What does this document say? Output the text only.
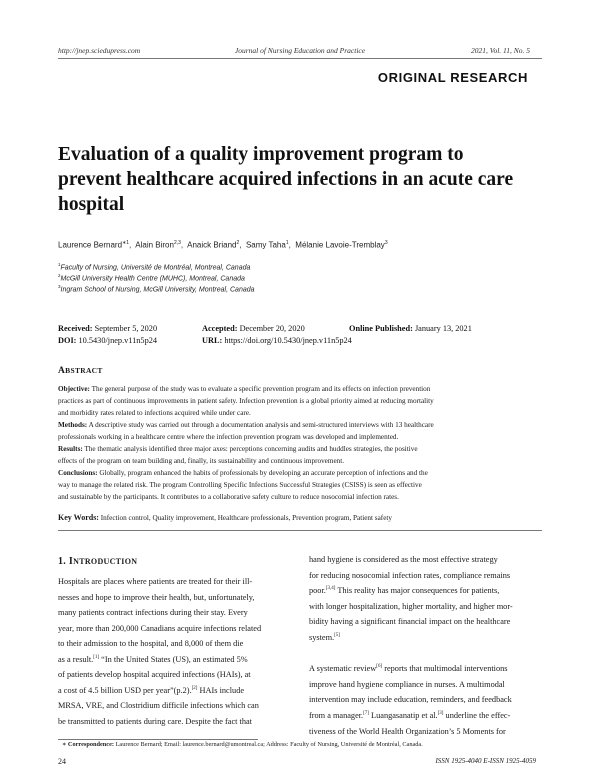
http://jnep.sciedupress.com	Journal of Nursing Education and Practice	2021, Vol. 11, No. 5
ORIGINAL RESEARCH
Evaluation of a quality improvement program to
prevent healthcare acquired infections in an acute care
hospital
Laurence Bernard$^{∗1}$,  Alain Biron$^{2,3}$,  Anaick Briand$^2$,  Samy Taha$^1$,  Mélanie Lavoie-Tremblay$^3$
$^1$Faculty of Nursing, Université de Montréal, Montreal, Canada
$^2$McGill University Health Centre (MUHC), Montreal, Canada
$^3$Ingram School of Nursing, McGill University, Montreal, Canada
Received: September 5, 2020	Accepted: December 20, 2020	Online Published: January 13, 2021
DOI: 10.5430/jnep.v11n5p24	URL: https://doi.org/10.5430/jnep.v11n5p24
ABSTRACT
Objective: The general purpose of the study was to evaluate a specific prevention program and its effects on infection prevention
practices as part of continuous improvements in patient safety. Infection prevention is a global priority aimed at reducing mortality
and morbidity rates related to infections acquired while under care.
Methods: A descriptive study was carried out through a documentation analysis and semi-structured interviews with 13 healthcare
professionals working in a healthcare centre where the infection prevention program was developed and implemented.
Results: The thematic analysis identified three major axes: perceptions concerning audits and huddles strategies, the positive
effects of the program on team building and, finally, its sustainability and continuous improvement.
Conclusions: Globally, program enhanced the habits of professionals by developing an accurate perception of infections and the
way to manage the related risk. The program Controlling Specific Infections Successful Strategies (CSISS) is seen as effective
and sustainable by the participants. It contributes to a collaborative safety culture to reduce nosocomial infection rates.
Key Words: Infection control, Quality improvement, Healthcare professionals, Prevention program, Patient safety
1. INTRODUCTION
Hospitals are places where patients are treated for their ill-
nesses and hope to improve their health, but, unfortunately,
many patients contract infections during their stay. Every
year, more than 200,000 Canadians acquire infections related
to their admission to the hospital, and 8,000 of them die
as a result.[1] “In the United States (US), an estimated 5%
of patients develop hospital acquired infections (HAIs), at
a cost of 4.5 billion USD per year”(p.2).[2] HAIs include
MRSA, VRE, and Clostridium difficile infections which can
be transmitted to patients during care. Despite the fact that
hand hygiene is considered as the most effective strategy
for reducing nosocomial infection rates, compliance remains
poor.[3,4] This reality has major consequences for patients,
with longer hospitalization, higher mortality, and higher mor-
bidity having a significant financial impact on the healthcare
system.[5]
A systematic review[6] reports that multimodal interventions
improve hand hygiene compliance in nurses. A multimodal
intervention may include education, reminders, and feedback
from a manager.[7] Luangasanatip et al.[3] underline the effec-
tiveness of the World Health Organization’s 5 Moments for
∗ Correspondence: Laurence Bernard; Email: laurence.bernard@umontreal.ca; Address: Faculty of Nursing, Université de Montréal, Canada.
24	ISSN 1925-4040 E-ISSN 1925-4059
